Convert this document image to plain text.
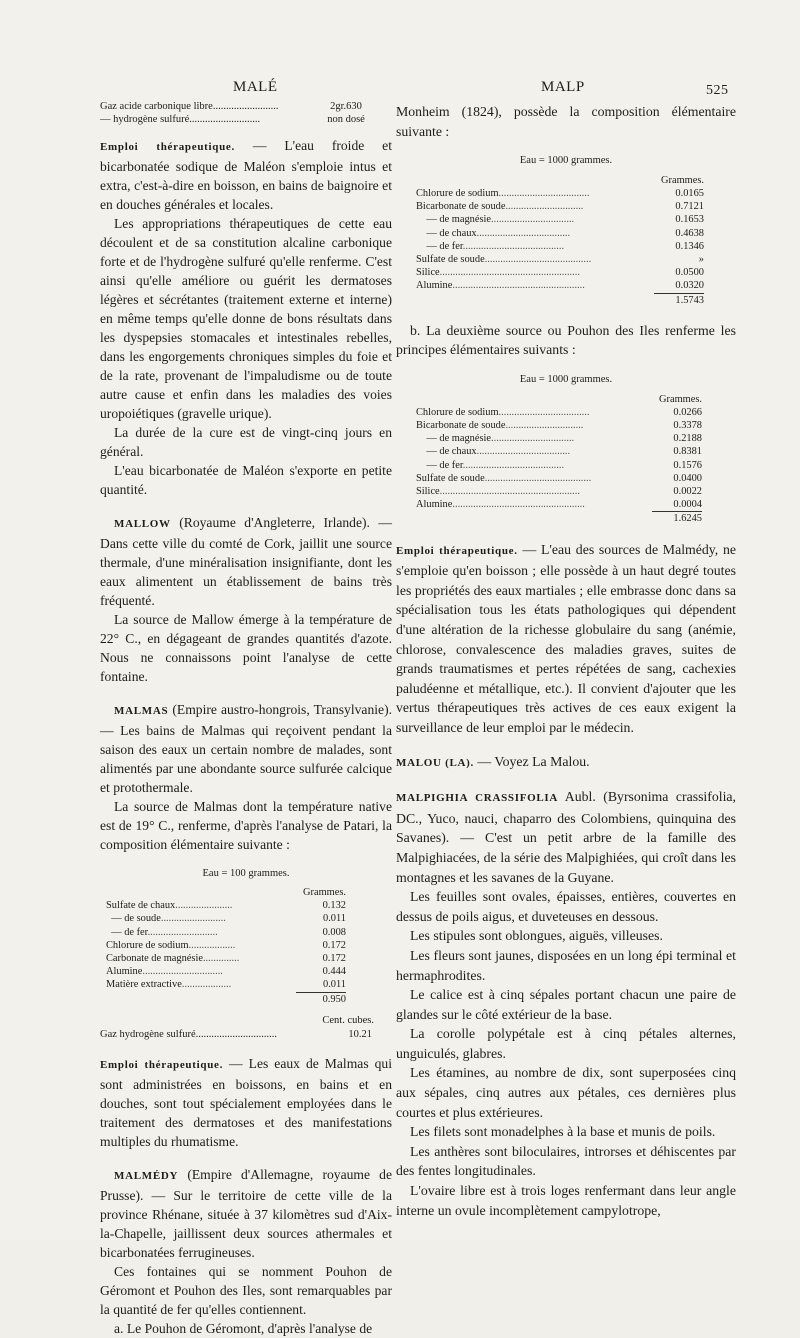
MALÉ	MALP	525
Gaz acide carbonique libre.........................	2gr.630
— hydrogène sulfuré...........................	non dosé

Emploi thérapeutique. — L'eau froide et bicarbonatée sodique de Maléon s'emploie intus et extra, c'est-à-dire en boisson, en bains de baignoire et en douches générales et locales.

Les appropriations thérapeutiques de cette eau découlent et de sa constitution alcaline carbonique forte et de l'hydrogène sulfuré qu'elle renferme. C'est ainsi qu'elle améliore ou guérit les dermatoses légères et sécrétantes (traitement externe et interne) en même temps qu'elle donne de bons résultats dans les dyspepsies stomacales et intestinales rebelles, dans les engorgements chroniques simples du foie et de la rate, provenant de l'impaludisme ou de toute autre cause et enfin dans les maladies des voies uropoiétiques (gravelle urique).

La durée de la cure est de vingt-cinq jours en général.

L'eau bicarbonatée de Maléon s'exporte en petite quantité.

MALLOW (Royaume d'Angleterre, Irlande). — Dans cette ville du comté de Cork, jaillit une source thermale, d'une minéralisation insignifiante, dont les eaux alimentent un établissement de bains très fréquenté.

La source de Mallow émerge à la température de 22° C., en dégageant de grandes quantités d'azote. Nous ne connaissons point l'analyse de cette fontaine.

MALMAS (Empire austro-hongrois, Transylvanie). — Les bains de Malmas qui reçoivent pendant la saison des eaux un certain nombre de malades, sont alimentés par une abondante source sulfurée calcique et protothermale.

La source de Malmas dont la température native est de 19° C., renferme, d'après l'analyse de Patari, la composition élémentaire suivante :

Eau = 100 grammes.
	Grammes.
Sulfate de chaux......................	0.132
— de soude.........................	0.011
— de fer...........................	0.008
Chlorure de sodium..................	0.172
Carbonate de magnésie..............	0.172
Alumine...............................	0.444
Matière extractive...................	0.011

	0.950
Cent. cubes.
Gaz hydrogène sulfuré...............................	10.21

Emploi thérapeutique. — Les eaux de Malmas qui sont administrées en boissons, en bains et en douches, sont tout spécialement employées dans le traitement des dermatoses et des manifestations multiples du rhumatisme.

MALMÉDY (Empire d'Allemagne, royaume de Prusse). — Sur le territoire de cette ville de la province Rhénane, située à 37 kilomètres sud d'Aix-la-Chapelle, jaillissent deux sources athermales et bicarbonatées ferrugineuses.

Ces fontaines qui se nomment Pouhon de Géromont et Pouhon des Iles, sont remarquables par la quantité de fer qu'elles contiennent.

a. Le Pouhon de Géromont, d'après l'analyse de

Monheim (1824), possède la composition élémentaire suivante :

Eau = 1000 grammes.
	Grammes.
Chlorure de sodium...................................	0.0165
Bicarbonate de soude..............................	0.7121
— de magnésie................................	0.1653
— de chaux....................................	0.4638
— de fer.......................................	0.1346
Sulfate de soude.........................................	»
Silice......................................................	0.0500
Alumine...................................................	0.0320

	1.5743

b. La deuxième source ou Pouhon des Iles renferme les principes élémentaires suivants :

Eau = 1000 grammes.
	Grammes.
Chlorure de sodium...................................	0.0266
Bicarbonate de soude..............................	0.3378
— de magnésie................................	0.2188
— de chaux....................................	0.8381
— de fer.......................................	0.1576
Sulfate de soude.........................................	0.0400
Silice......................................................	0.0022
Alumine...................................................	0.0004

	1.6245

Emploi thérapeutique. — L'eau des sources de Malmédy, ne s'emploie qu'en boisson ; elle possède à un haut degré toutes les propriétés des eaux martiales ; elle embrasse donc dans sa spécialisation tous les états pathologiques qui dépendent d'une altération de la richesse globulaire du sang (anémie, chlorose, convalescence des maladies graves, suites de grands traumatismes et pertes répétées de sang, cachexies paludéenne et métallique, etc.). Il convient d'ajouter que les vertus thérapeutiques très actives de ces eaux exigent la surveillance de leur emploi par le médecin.

MALOU (LA). — Voyez La Malou.

MALPIGHIA CRASSIFOLIA Aubl. (Byrsonima crassifolia, DC., Yuco, nauci, chaparro des Colombiens, quinquina des Savanes). — C'est un petit arbre de la famille des Malpighiacées, de la série des Malpighiées, qui croît dans les montagnes et les savanes de la Guyane.

Les feuilles sont ovales, épaisses, entières, couvertes en dessus de poils aigus, et duveteuses en dessous.

Les stipules sont oblongues, aiguës, villeuses.

Les fleurs sont jaunes, disposées en un long épi terminal et hermaphrodites.

Le calice est à cinq sépales portant chacun une paire de glandes sur le côté extérieur de la base.

La corolle polypétale est à cinq pétales alternes, unguiculés, glabres.

Les étamines, au nombre de dix, sont superposées cinq aux sépales, cinq autres aux pétales, ces dernières plus courtes et plus extérieures.

Les filets sont monadelphes à la base et munis de poils.

Les anthères sont biloculaires, introrses et déhiscentes par des fentes longitudinales.

L'ovaire libre est à trois loges renfermant dans leur angle interne un ovule incomplètement campylotrope,
